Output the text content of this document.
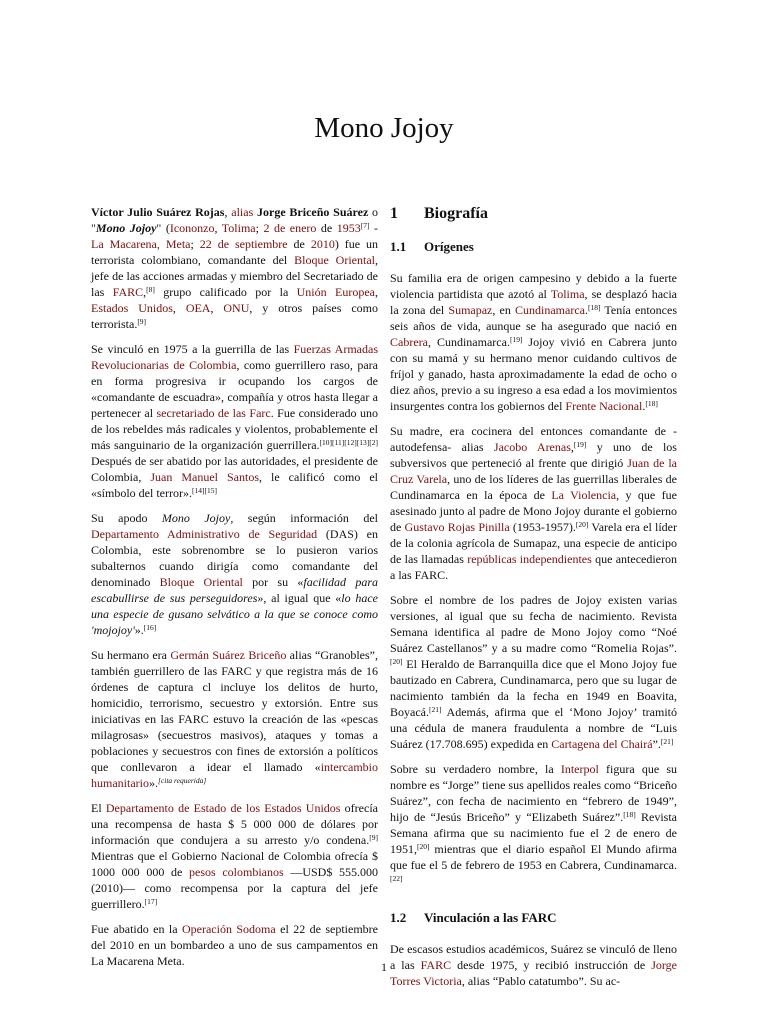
Mono Jojoy

Víctor Julio Suárez Rojas, alias Jorge Briceño Suárez o "Mono Jojoy" (Icononzo, Tolima; 2 de enero de 1953[7] - La Macarena, Meta; 22 de septiembre de 2010) fue un terrorista colombiano, comandante del Bloque Oriental, jefe de las acciones armadas y miembro del Secretariado de las FARC,[8] grupo calificado por la Unión Europea, Estados Unidos, OEA, ONU, y otros países como terrorista.[9]

Se vinculó en 1975 a la guerrilla de las Fuerzas Armadas Revolucionarias de Colombia, como guerrillero raso, para en forma progresiva ir ocupando los cargos de «comandante de escuadra», compañía y otros hasta llegar a pertenecer al secretariado de las Farc. Fue considerado uno de los rebeldes más radicales y violentos, probablemente el más sanguinario de la organización guerrillera.[10][11][12][13][2] Después de ser abatido por las autoridades, el presidente de Colombia, Juan Manuel Santos, le calificó como el «símbolo del terror».[14][15]

Su apodo Mono Jojoy, según información del Departamento Administrativo de Seguridad (DAS) en Colombia, este sobrenombre se lo pusieron varios subalternos cuando dirigía como comandante del denominado Bloque Oriental por su «facilidad para escabullirse de sus perseguidores», al igual que «lo hace una especie de gusano selvático a la que se conoce como 'mojojoy'».[16]

Su hermano era Germán Suárez Briceño alias “Granobles”, también guerrillero de las FARC y que registra más de 16 órdenes de captura cl incluye los delitos de hurto, homicidio, terrorismo, secuestro y extorsión. Entre sus iniciativas en las FARC estuvo la creación de las «pescas milagrosas» (secuestros masivos), ataques y tomas a poblaciones y secuestros con fines de extorsión a políticos que conllevaron a idear el llamado «intercambio humanitario».[cita requerida]

El Departamento de Estado de los Estados Unidos ofrecía una recompensa de hasta $ 5 000 000 de dólares por información que condujera a su arresto y/o condena.[9] Mientras que el Gobierno Nacional de Colombia ofrecía $ 1000 000 000 de pesos colombianos —USD$ 555.000 (2010)— como recompensa por la captura del jefe guerrillero.[17]

Fue abatido en la Operación Sodoma el 22 de septiembre del 2010 en un bombardeo a uno de sus campamentos en La Macarena Meta.

1 Biografía
1.1 Orígenes

Su familia era de origen campesino y debido a la fuerte violencia partidista que azotó al Tolima, se desplazó hacia la zona del Sumapaz, en Cundinamarca.[18] Tenía entonces seis años de vida, aunque se ha asegurado que nació en Cabrera, Cundinamarca.[19] Jojoy vivió en Cabrera junto con su mamá y su hermano menor cuidando cultivos de fríjol y ganado, hasta aproximadamente la edad de ocho o diez años, previo a su ingreso a esa edad a los movimientos insurgentes contra los gobiernos del Frente Nacional.[18]

Su madre, era cocinera del entonces comandante de -autodefensa- alias Jacobo Arenas,[19] y uno de los subversivos que perteneció al frente que dirigió Juan de la Cruz Varela, uno de los líderes de las guerrillas liberales de Cundinamarca en la época de La Violencia, y que fue asesinado junto al padre de Mono Jojoy durante el gobierno de Gustavo Rojas Pinilla (1953-1957).[20] Varela era el líder de la colonia agrícola de Sumapaz, una especie de anticipo de las llamadas repúblicas independientes que antecedieron a las FARC.

Sobre el nombre de los padres de Jojoy existen varias versiones, al igual que su fecha de nacimiento. Revista Semana identifica al padre de Mono Jojoy como “Noé Suárez Castellanos” y a su madre como “Romelia Rojas”.[20] El Heraldo de Barranquilla dice que el Mono Jojoy fue bautizado en Cabrera, Cundinamarca, pero que su lugar de nacimiento también da la fecha en 1949 en Boavita, Boyacá.[21] Además, afirma que el ‘Mono Jojoy’ tramitó una cédula de manera fraudulenta a nombre de “Luis Suárez (17.708.695) expedida en Cartagena del Chairá”.[21]

Sobre su verdadero nombre, la Interpol figura que su nombre es “Jorge” tiene sus apellidos reales como “Briceño Suárez”, con fecha de nacimiento en “febrero de 1949”, hijo de “Jesús Briceño” y “Elizabeth Suárez”.[18] Revista Semana afirma que su nacimiento fue el 2 de enero de 1951,[20] mientras que el diario español El Mundo afirma que fue el 5 de febrero de 1953 en Cabrera, Cundinamarca.[22]

1.2 Vinculación a las FARC

De escasos estudios académicos, Suárez se vinculó de lleno a las FARC desde 1975, y recibió instrucción de Jorge Torres Victoria, alias “Pablo catatumbo”. Su ac-

1
